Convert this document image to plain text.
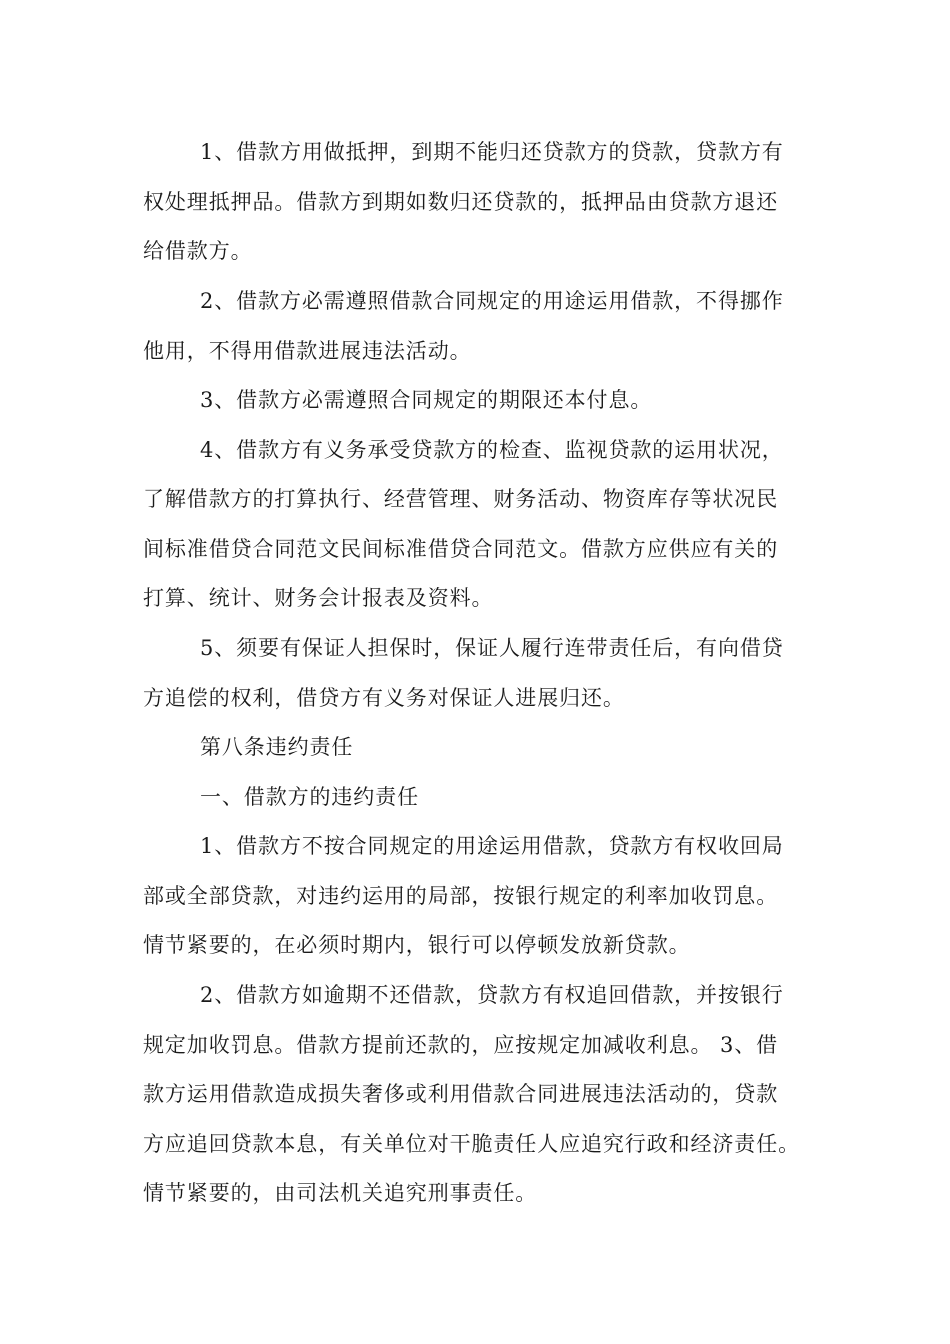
1、借款方用做抵押，到期不能归还贷款方的贷款，贷款方有
权处理抵押品。借款方到期如数归还贷款的，抵押品由贷款方退还
给借款方。
2、借款方必需遵照借款合同规定的用途运用借款，不得挪作
他用，不得用借款进展违法活动。
3、借款方必需遵照合同规定的期限还本付息。
4、借款方有义务承受贷款方的检查、监视贷款的运用状况，
了解借款方的打算执行、经营管理、财务活动、物资库存等状况民
间标准借贷合同范文民间标准借贷合同范文。借款方应供应有关的
打算、统计、财务会计报表及资料。
5、须要有保证人担保时，保证人履行连带责任后，有向借贷
方追偿的权利，借贷方有义务对保证人进展归还。
第八条违约责任
一、借款方的违约责任
1、借款方不按合同规定的用途运用借款，贷款方有权收回局
部或全部贷款，对违约运用的局部，按银行规定的利率加收罚息。
情节紧要的，在必须时期内，银行可以停顿发放新贷款。
2、借款方如逾期不还借款，贷款方有权追回借款，并按银行
规定加收罚息。借款方提前还款的，应按规定加减收利息。 3、借
款方运用借款造成损失奢侈或利用借款合同进展违法活动的，贷款
方应追回贷款本息，有关单位对干脆责任人应追究行政和经济责任。
情节紧要的，由司法机关追究刑事责任。
